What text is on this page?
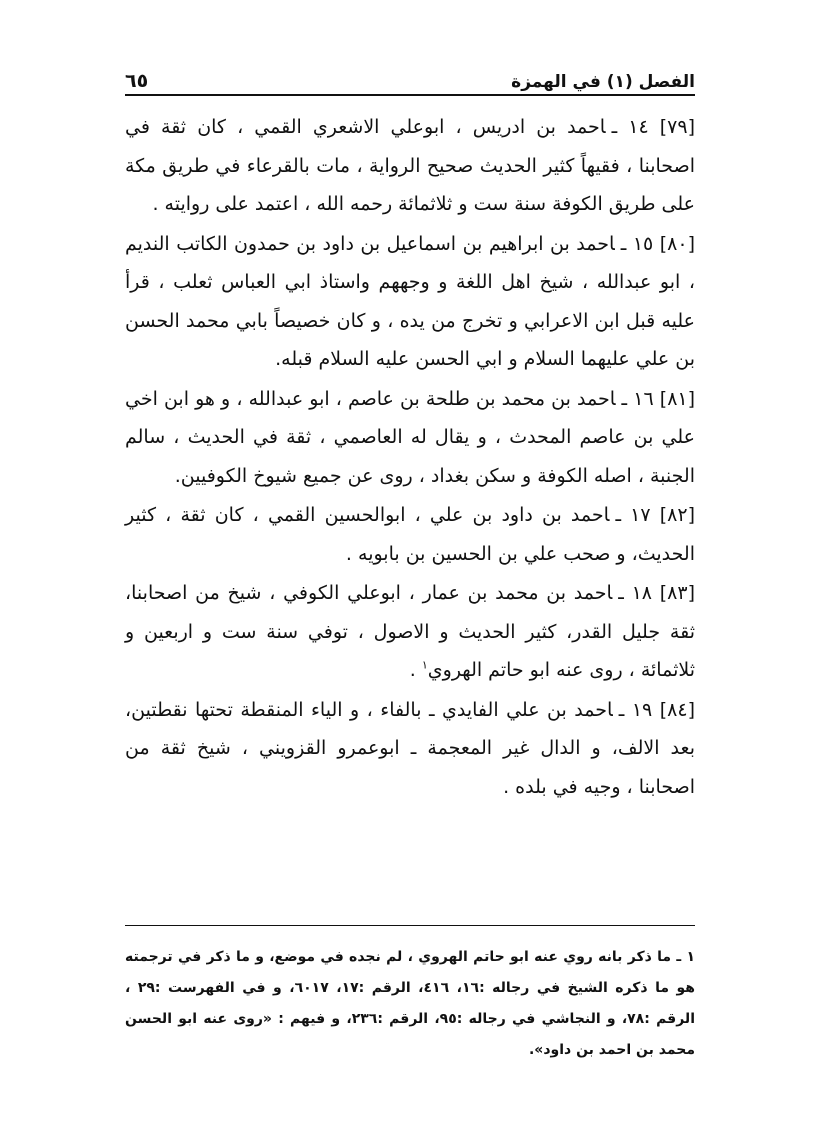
الفصل (١) في الهمزة
٦٥

[٧٩] ١٤ ـاحمد بن ادريس ، ابوعلي الاشعري القمي ، كان ثقة في اصحابنا ، فقيهاً كثير الحديث صحيح الرواية ، مات بالقرعاء في طريق مكة على طريق الكوفة سنة ست و ثلاثمائة رحمه الله ، اعتمد على روايته .

[٨٠] ١٥ ـاحمد بن ابراهيم بن اسماعيل بن داود بن حمدون الكاتب النديم ، ابو عبدالله ، شيخ اهل اللغة و وجههم واستاذ ابي العباس ثعلب ، قرأ عليه قبل ابن الاعرابي و تخرج من يده ، و كان خصيصاً بابي محمد الحسن بن علي عليهما السلام و ابي الحسن عليه السلام قبله.

[٨١] ١٦ ـاحمد بن محمد بن طلحة بن عاصم ، ابو عبدالله ، و هو ابن اخي علي بن عاصم المحدث ، و يقال له العاصمي ، ثقة في الحديث ، سالم الجنبة ، اصله الكوفة و سكن بغداد ، روى عن جميع شيوخ الكوفيين.

[٨٢] ١٧ ـاحمد بن داود بن علي ، ابوالحسين القمي ، كان ثقة ، كثير الحديث، و صحب علي بن الحسين بن بابويه .

[٨٣] ١٨ ـاحمد بن محمد بن عمار ، ابوعلي الكوفي ، شيخ من اصحابنا، ثقة جليل القدر، كثير الحديث و الاصول ، توفي سنة ست و اربعين و ثلاثمائة ، روى عنه ابو حاتم الهروي$^١$ .

[٨٤] ١٩ ـاحمد بن علي الفايدي ـ بالفاء ، و الياء المنقطة تحتها نقطتين، بعد الالف، و الدال غير المعجمة ـ ابوعمرو القزويني ، شيخ ثقة من اصحابنا ، وجيه في بلده .

١ ـ ما ذكر بانه روي عنه ابو حاتم الهروي ، لم نجده في موضع، و ما ذكر في ترجمته هو ما ذكره الشيخ في رجاله :١٦، ٤١٦، الرقم :١٧، ٦٠١٧، و في الفهرست :٢٩ ، الرقم :٧٨، و النجاشي في رجاله :٩٥، الرقم :٢٣٦، و فيهم : «روى عنه ابو الحسن محمد بن احمد بن داود».
